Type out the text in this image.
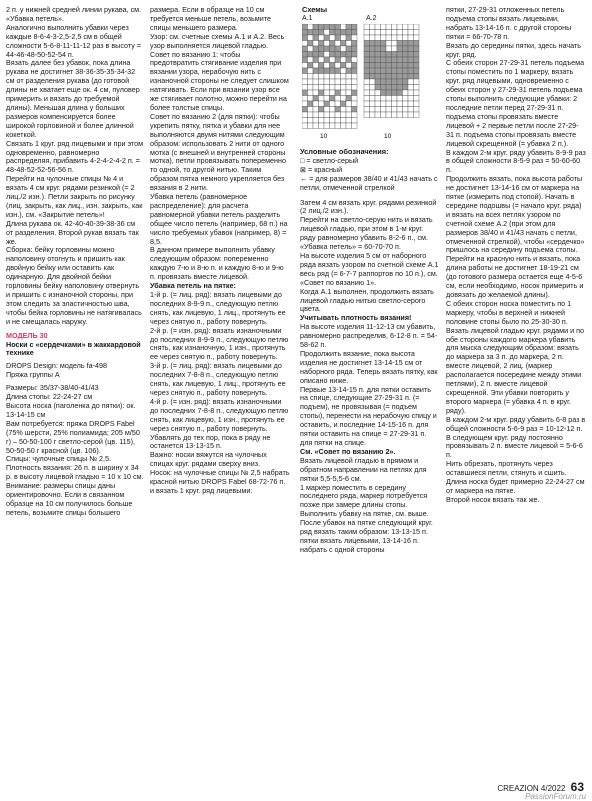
2 п. у нижней средней линии рукава, см. «Убавка петель».

Аналогично выполнить убавки через каждые 8-6-4-3-2,5-2,5 см в общей сложности 5-6-8-11-11-12 раз в высоту = 44-46-48-50-52-54 п.

Вязать далее без убавок, пока длина рукава не достигнет 38-36-35-35-34-32 см от разделения рукава (до готовой длины не хватает еще ок. 4 см, пуловер примерить и вязать до требуемой длины). Меньшая длина у больших размеров компенсируется более широкой горловиной и более длинной кокеткой.

Связать 1 круг. ряд лицевыми и при этом одновременно, равномерно распределяя, прибавить 4-2-4-2-4-2 п. = 48-48-52-52-56-56 п.

Перейти на чулочные спицы № 4 и вязать 4 см круг. рядами резинкой (= 2 лиц./2 изн.). Петли закрыть по рисунку (лиц. закрыть, как лиц., изн. закрыть, как изн.), см. «Закрытие петель»!

Длина рукава ок. 42-40-40-39-38-36 см от разделения. Второй рукав вязать так же.

Сборка: бейку горловины можно наполовину отогнуть и пришить как двойную бейку или оставить как одинарную. Для двойной бейки горловины бейку наполовину отвернуть и пришить с изнаночной стороны, при этом следить за эластичностью шва, чтобы бейка горловины не натягивалась и не смещалась наружу.

МОДЕЛЬ 30

Носки с «сердечками» в жаккардовой технике

DROPS Design: модель fa-498

Пряжа группы А

Размеры: 35/37-38/40-41/43

Длина стопы: 22-24-27 см

Высота носка (паголенка до пятки): ок. 13-14-15 см

Вам потребуется: пряжа DROPS Fabel (75% шерсти, 25% полиамида; 205 м/50 г) – 50-50-100 г светло-серой (цв. 115), 50-50-50 г красной (цв. 106).

Спицы: чулочные спицы № 2,5.

Плотность вязания: 26 п. в ширину x 34 р. в высоту лицевой гладью = 10 x 10 см.

Внимание: размеры спицы даны ориентировочно. Если в связанном образце на 10 см получилось больше петель, возьмите спицы большего

размера. Если в образце на 10 см требуется меньше петель, возьмите спицы меньшего размера.

Узор: см. счетные схемы А.1 и А.2. Весь узор выполняется лицевой гладью.

Совет по вязанию 1: чтобы предотвратить стягивание изделия при вязании узора, нерабочую нить с изнаночной стороны не следует слишком натягивать. Если при вязании узор все же стягивает полотно, можно перейти на более толстые спицы.

Совет по вязанию 2 (для пятки): чтобы укрепить пятку, пятка и убавки для нее выполняются двумя нитями следующим образом: использовать 2 нити от одного мотка (с внешней и внутренней стороны мотка), петли провязывать попеременно то одной, то другой нитью. Таким образом пятка немного укрепляется без вязания в 2 нити.

Убавка петель (равномерное распределение): для расчета равномерной убавки петель разделить общее число петель (например, 68 п.) на число требуемых убавок (например, 8) = 8,5.

В данном примере выполнить убавку следующим образом: попеременно каждую 7-ю и 8-ю п. и каждую 8-ю и 9-ю п. провязать вместе лицевой.

Убавка петель на пятке:

1-й р. (= лиц. ряд): вязать лицевыми до последних 8-9-9 п., следующую петлю снять, как лицевую, 1 лиц., протянуть ее через снятую п., работу повернуть.

2-й р. (= изн. ряд): вязать изнаночными до последних 8-9-9 п., следующую петлю снять, как изнаночную, 1 изн., протянуть ее через снятую п., работу повернуть.

3-й р. (= лиц. ряд): вязать лицевыми до последних 7-8-8 п., следующую петлю снять, как лицевую, 1 лиц., протянуть ее через снятую п., работу повернуть.

4-й р. (= изн. ряд): вязать изнаночными до последних 7-8-8 п., следующую петлю снять, как лицевую, 1 изн., протянуть ее через снятую п., работу повернуть.

Убавлять до тех пор, пока в ряду не останется 13-13-15 п.

Важно: носки вяжутся на чулочных спицах круг. рядами сверху вниз.

Носок: на чулочные спицы № 2,5 набрать красной нитью DROPS Fabel 68-72-76 п. и вязать 1 круг. ряд лицевыми.

Схемы
А.1	А.2
10	10

Условные обозначения:

□ = светло-серый

⊠ = красный

← = для размеров 38/40 и 41/43 начать с петли, отмеченной стрелкой

Затем 4 см вязать круг. рядами резинкой (2 лиц./2 изн.).

Перейти на светло-серую нить и вязать лицевой гладью, при этом в 1-м круг. ряду равномерно убавить 8-2-6 п., см. «Убавка петель» = 60-70-70 п.

На высоте изделия 5 см от наборного ряда вязать узором по счетной схеме А.1 весь ряд (= 6-7-7 раппортов по 10 п.), см. «Совет по вязанию 1».

Когда А.1 выполнен, продолжить вязать лицевой гладью нитью светло-серого цвета.

Учитывать плотность вязания!

На высоте изделия 11-12-13 см убавить, равномерно распределив, 6-12-8 п. = 54-58-62 п.

Продолжить вязание, пока высота изделия не достигнет 13-14-15 см от наборного ряда. Теперь вязать пятку, как описано ниже.

Первые 13-14-15 п. для пятки оставить на спице, следующие 27-29-31 п. (= подъем), не провязывая (= подъем стопы), перенести на нерабочую спицу и оставить, и последние 14-15-16 п. для пятки оставить на спице = 27-29-31 п. для пятки на спице.

См. «Совет по вязанию 2».

Вязать лицевой гладью в прямом и обратном направлении на петлях для пятки 5,5-5,5-6 см.

1 маркер поместить в середину последнего ряда, маркер потребуется позже при замере длины стопы. Выполнить убавку на пятке, см. выше.

После убавок на пятке следующий круг. ряд вязать таким образом: 13-13-15 п. пятки вязать лицевыми, 13-14-16 п. набрать с одной стороны

пятки, 27-29-31 отложенных петель подъема стопы вязать лицевыми, набрать 13-14-16 п. с другой стороны пятки = 66-70-78 п.

Вязать до середины пятки, здесь начать круг. ряд.

С обеих сторон 27-29-31 петель подъема стопы поместить по 1 маркеру, вязать круг. ряд лицевыми, одновременно с обеих сторон у 27-29-31 петель подъема стопы выполнить следующие убавки: 2 последние петли перед 27-29-31 п. подъема стопы провязать вместе лицевой + 2 первые петли после 27-29-31 п. подъема стопы провязать вместе лицевой скрещенной (= убавка 2 п.).

В каждом 2-м круг. ряду убавить 8-9-9 раз в общей сложности 8-5-9 раз = 50-60-60 п.

Продолжить вязать, пока высота работы не достигнет 13-14-16 см от маркера на пятке (измерить под стопой). Начать в середине подошвы (= начало круг. ряда) и вязать на всех петлях узором по счетной схеме А.2 (при этом для размеров 38/40 и 41/43 начать с петли, отмеченной стрелкой), чтобы «сердечко» пришлось на середину подъема стопы.

Перейти на красную нить и вязать, пока длина работы не достигнет 18-19-21 см (до готового размера остается еще 4-5-6 см, если необходимо, носок примерить и довязать до желаемой длины).

С обеих сторон носка поместить по 1 маркеру, чтобы в верхней и нижней половине стопы было по 25-30-30 п. Вязать лицевой гладью круг. рядами и по обе стороны каждого маркера убавить для мыска следующим образом: вязать до маркера за 3 п. до маркера, 2 п. вместе лицевой, 2 лиц. (маркер располагается посередине между этими петлями), 2 п. вместе лицевой скрещенной. Эти убавки повторить у второго маркера (= убавка 4 п. в круг. ряду).

В каждом 2-м круг. ряду убавить 6-8 раз в общей сложности 5-6-9 раз = 10-12-12 п.

В следующем круг. ряду постоянно провязывать 2 п. вместе лицевой = 5-6-6 п.

Нить обрезать, протянуть через оставшиеся петли, стянуть и сшить.

Длина носка будет примерно 22-24-27 см от маркера на пятке.

Второй носок вязать так же.

CREAZION 4/2022 63
PassionForum.ru
